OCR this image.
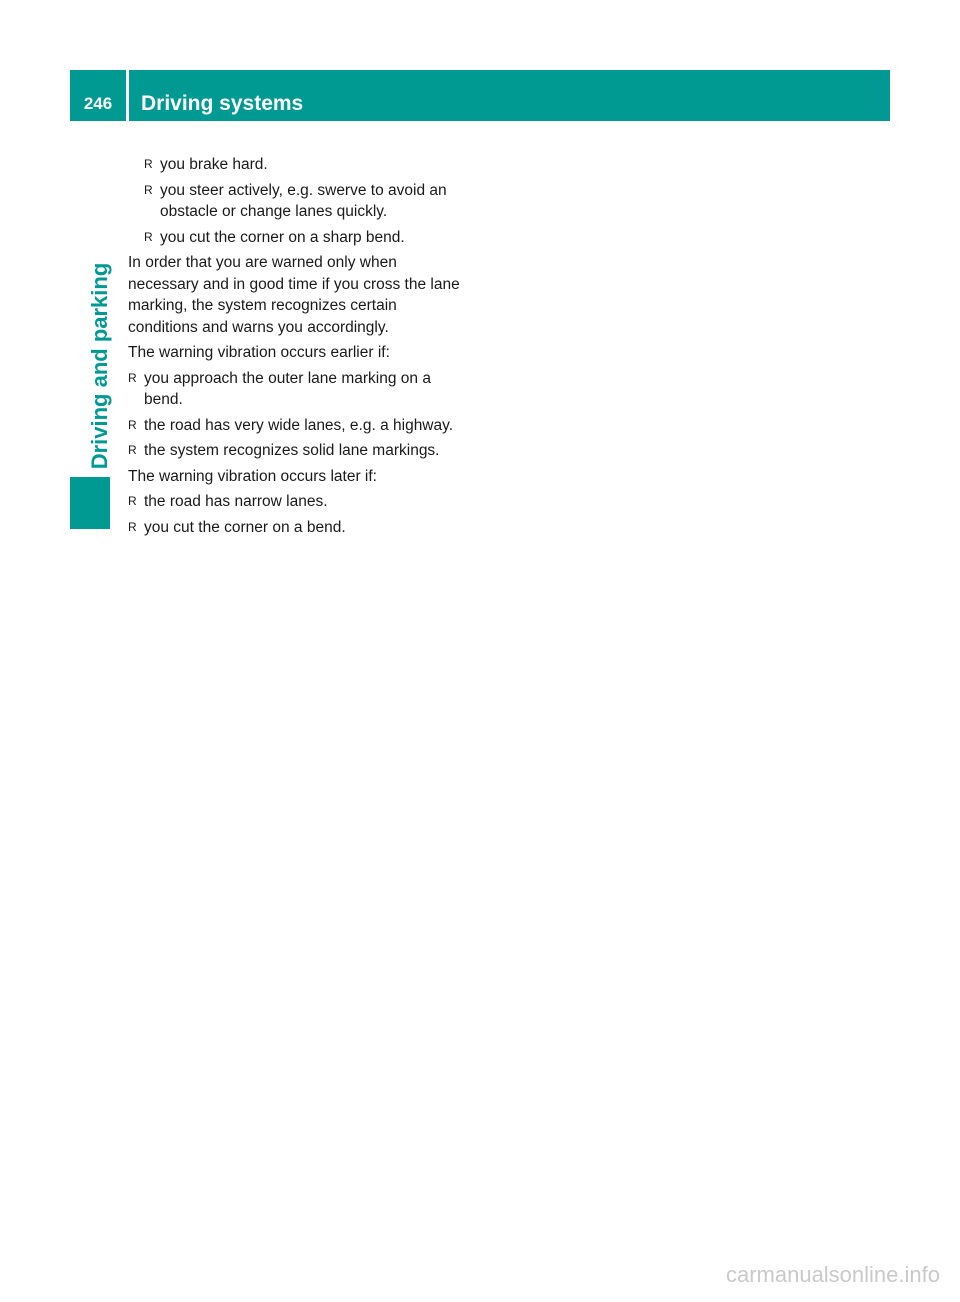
246	Driving systems
Driving and parking
R you brake hard.
R you steer actively, e.g. swerve to avoid an obstacle or change lanes quickly.
R you cut the corner on a sharp bend.
In order that you are warned only when necessary and in good time if you cross the lane marking, the system recognizes certain conditions and warns you accordingly.
The warning vibration occurs earlier if:
R you approach the outer lane marking on a bend.
R the road has very wide lanes, e.g. a highway.
R the system recognizes solid lane markings.
The warning vibration occurs later if:
R the road has narrow lanes.
R you cut the corner on a bend.
carmanualsonline.info
